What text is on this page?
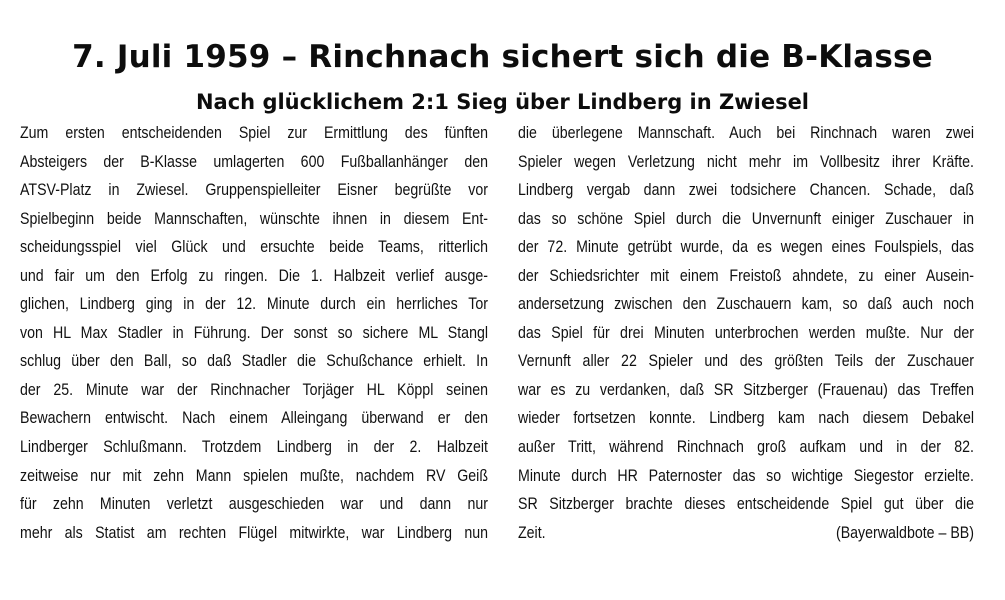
7. Juli 1959 – Rinchnach sichert sich die B-Klasse
Nach glücklichem 2:1 Sieg über Lindberg in Zwiesel
Zum ersten entscheidenden Spiel zur Ermittlung des fünften
Absteigers der B-Klasse umlagerten 600 Fußballanhänger den
ATSV-Platz in Zwiesel. Gruppenspielleiter Eisner begrüßte vor
Spielbeginn beide Mannschaften, wünschte ihnen in diesem Ent-
scheidungsspiel viel Glück und ersuchte beide Teams, ritterlich
und fair um den Erfolg zu ringen. Die 1. Halbzeit verlief ausge-
glichen, Lindberg ging in der 12. Minute durch ein herrliches Tor
von HL Max Stadler in Führung. Der sonst so sichere ML Stangl
schlug über den Ball, so daß Stadler die Schußchance erhielt. In
der 25. Minute war der Rinchnacher Torjäger HL Köppl seinen
Bewachern entwischt. Nach einem Alleingang überwand er den
Lindberger Schlußmann. Trotzdem Lindberg in der 2. Halbzeit
zeitweise nur mit zehn Mann spielen mußte, nachdem RV Geiß
für zehn Minuten verletzt ausgeschieden war und dann nur
mehr als Statist am rechten Flügel mitwirkte, war Lindberg nun
die überlegene Mannschaft. Auch bei Rinchnach waren zwei
Spieler wegen Verletzung nicht mehr im Vollbesitz ihrer Kräfte.
Lindberg vergab dann zwei todsichere Chancen. Schade, daß
das so schöne Spiel durch die Unvernunft einiger Zuschauer in
der 72. Minute getrübt wurde, da es wegen eines Foulspiels, das
der Schiedsrichter mit einem Freistoß ahndete, zu einer Ausein-
andersetzung zwischen den Zuschauern kam, so daß auch noch
das Spiel für drei Minuten unterbrochen werden mußte. Nur der
Vernunft aller 22 Spieler und des größten Teils der Zuschauer
war es zu verdanken, daß SR Sitzberger (Frauenau) das Treffen
wieder fortsetzen konnte. Lindberg kam nach diesem Debakel
außer Tritt, während Rinchnach groß aufkam und in der 82.
Minute durch HR Paternoster das so wichtige Siegestor erzielte.
SR Sitzberger brachte dieses entscheidende Spiel gut über die
Zeit.	(Bayerwaldbote – BB)
